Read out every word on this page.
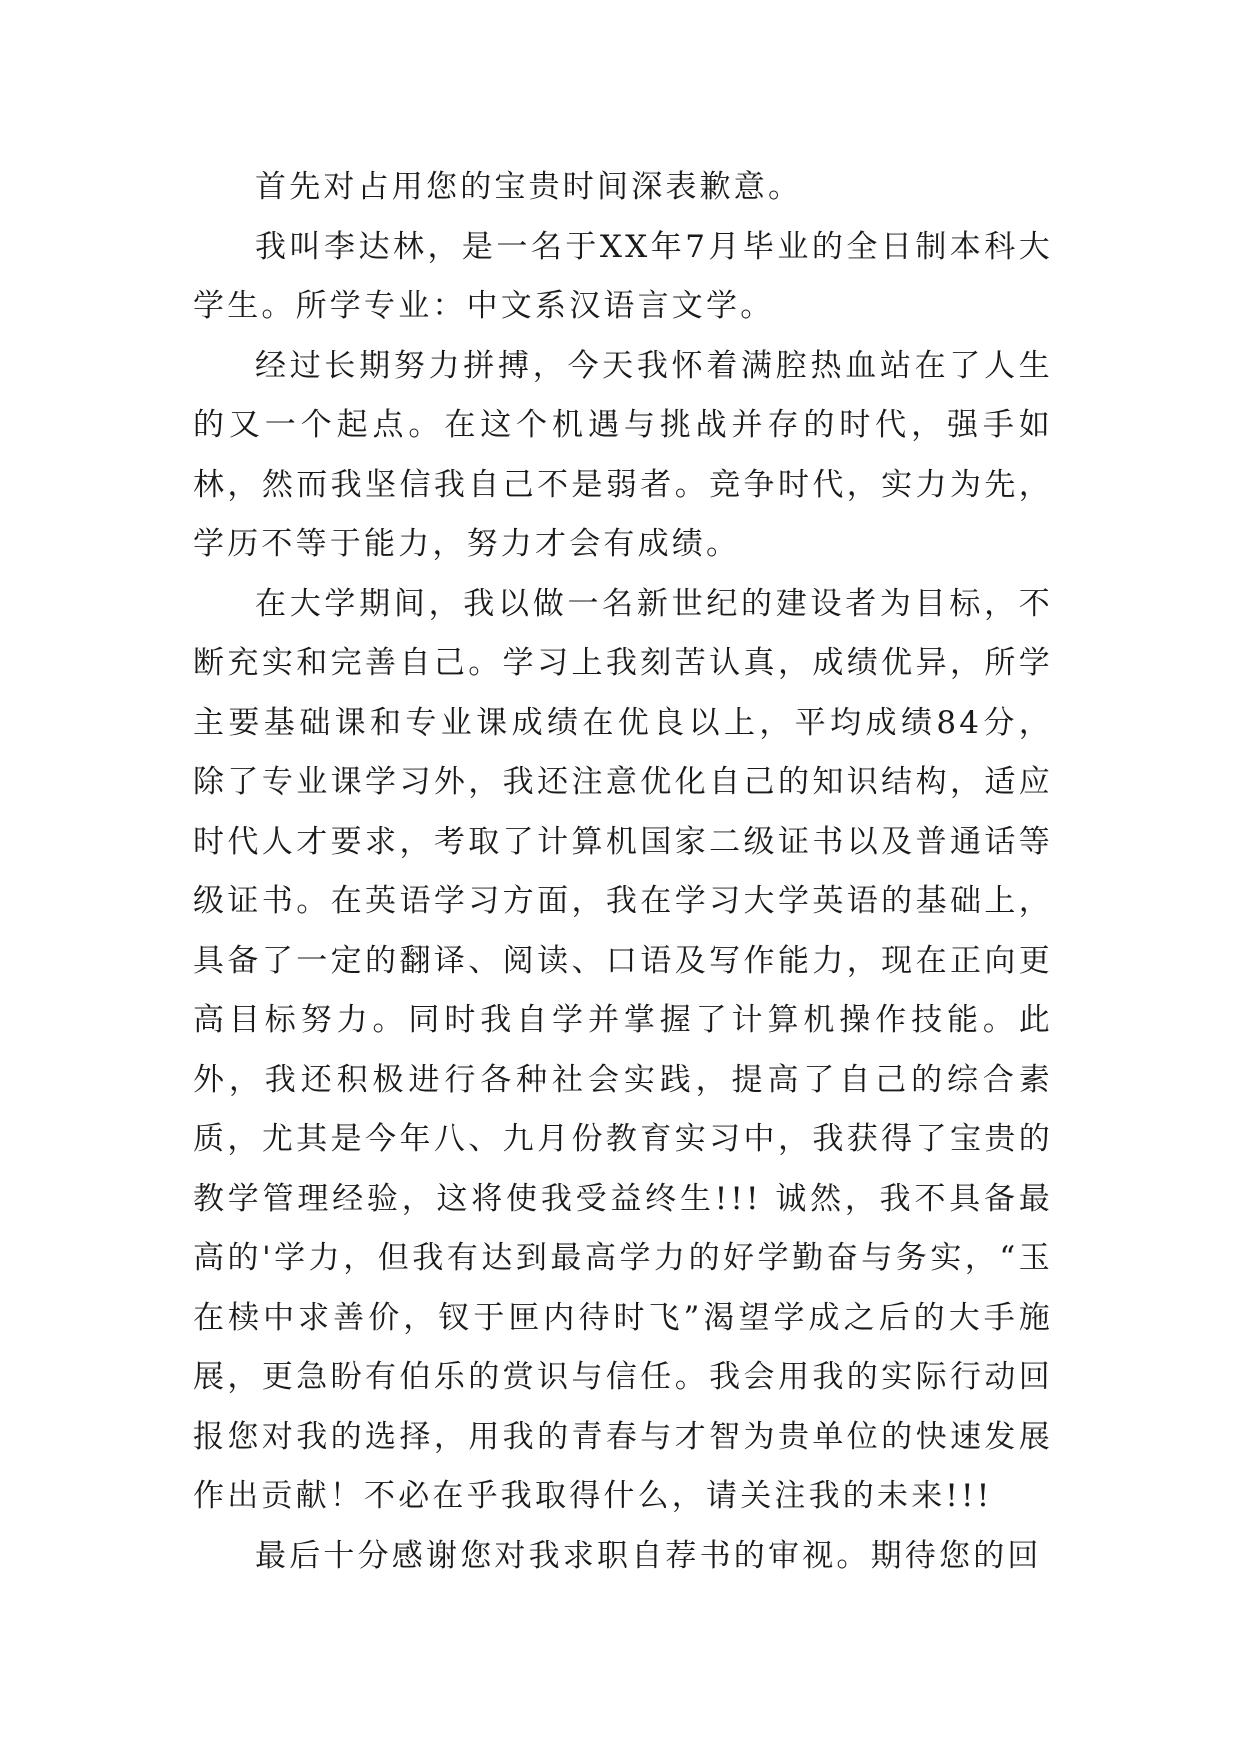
首先对占用您的宝贵时间深表歉意。

我叫李达林，是一名于XX年7月毕业的全日制本科大学生。所学专业：中文系汉语言文学。

经过长期努力拼搏，今天我怀着满腔热血站在了人生的又一个起点。在这个机遇与挑战并存的时代，强手如林，然而我坚信我自己不是弱者。竞争时代，实力为先，学历不等于能力，努力才会有成绩。

在大学期间，我以做一名新世纪的建设者为目标，不断充实和完善自己。学习上我刻苦认真，成绩优异，所学主要基础课和专业课成绩在优良以上，平均成绩84分，除了专业课学习外，我还注意优化自己的知识结构，适应时代人才要求，考取了计算机国家二级证书以及普通话等级证书。在英语学习方面，我在学习大学英语的基础上，具备了一定的翻译、阅读、口语及写作能力，现在正向更高目标努力。同时我自学并掌握了计算机操作技能。此外，我还积极进行各种社会实践，提高了自己的综合素质，尤其是今年八、九月份教育实习中，我获得了宝贵的教学管理经验，这将使我受益终生!!! 诚然，我不具备最高的'学力，但我有达到最高学力的好学勤奋与务实，“玉在椟中求善价，钗于匣内待时飞”渴望学成之后的大手施展，更急盼有伯乐的赏识与信任。我会用我的实际行动回报您对我的选择，用我的青春与才智为贵单位的快速发展作出贡献！不必在乎我取得什么，请关注我的未来!!!

最后十分感谢您对我求职自荐书的审视。期待您的回
